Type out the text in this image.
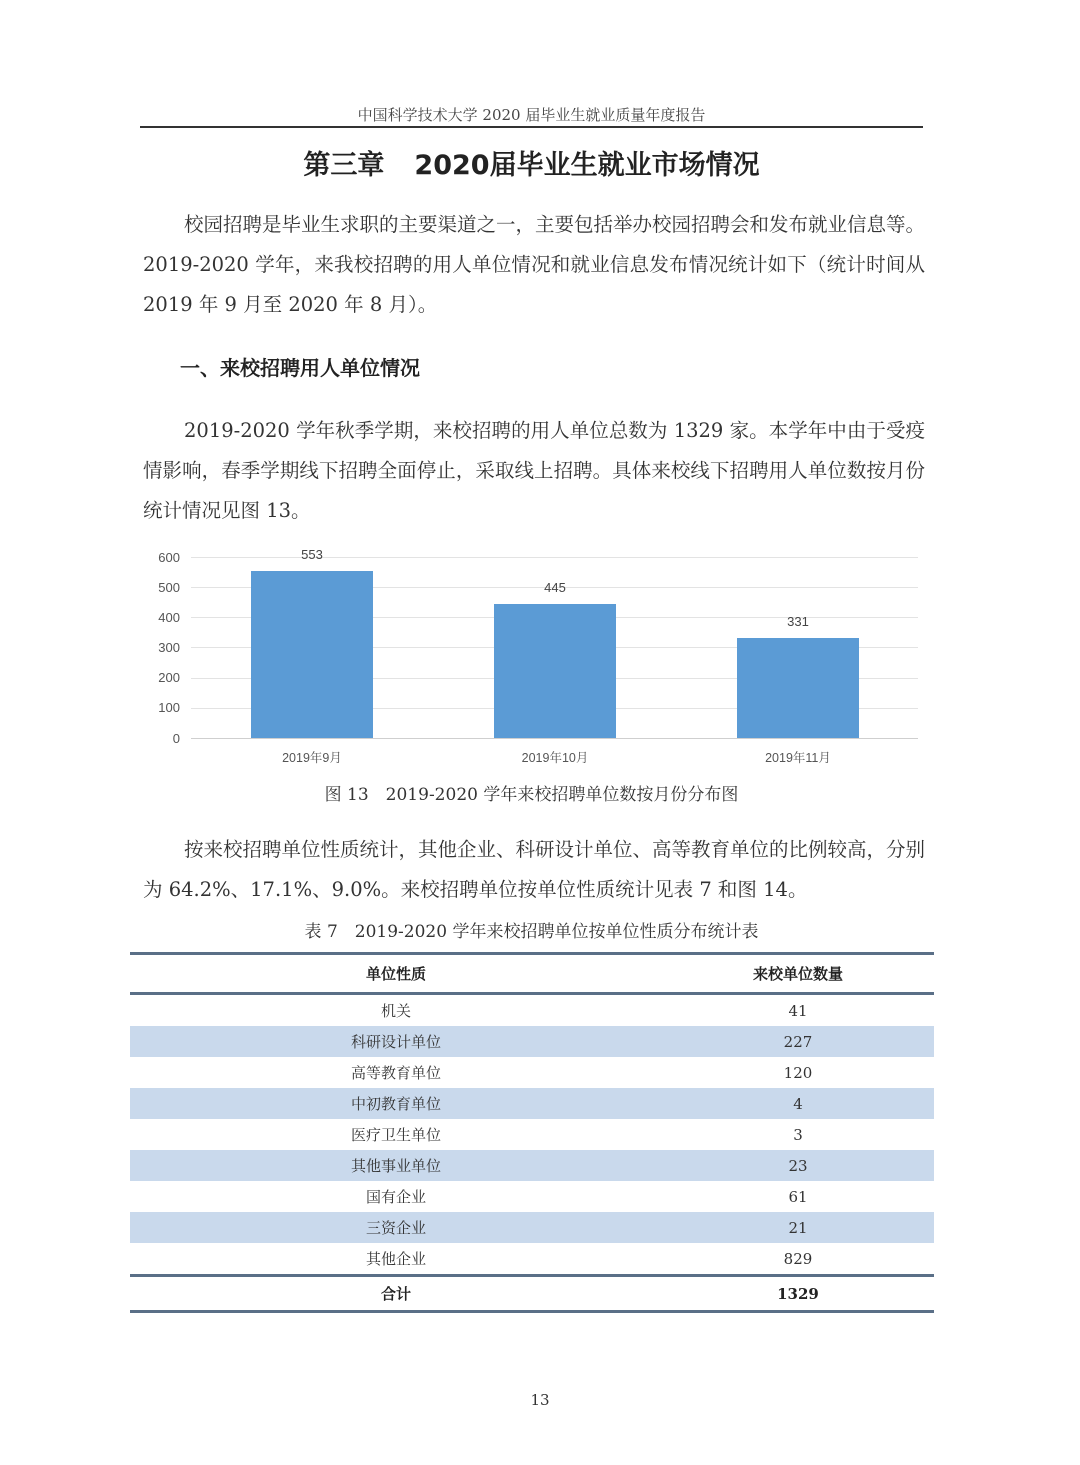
中国科学技术大学 2020 届毕业生就业质量年度报告
第三章 2020届毕业生就业市场情况

校园招聘是毕业生求职的主要渠道之一，主要包括举办校园招聘会和发布就业信息等。2019-2020 学年，来我校招聘的用人单位情况和就业信息发布情况统计如下（统计时间从 2019 年 9 月至 2020 年 8 月）。

一、来校招聘用人单位情况

2019-2020 学年秋季学期，来校招聘的用人单位总数为 1329 家。本学年中由于受疫情影响，春季学期线下招聘全面停止，采取线上招聘。具体来校线下招聘用人单位数按月份统计情况见图 13。

600
500
400
300
200
100
0
553
445
331
2019年9月	2019年10月	2019年11月
图 13　2019-2020 学年来校招聘单位数按月份分布图

按来校招聘单位性质统计，其他企业、科研设计单位、高等教育单位的比例较高，分别为 64.2%、17.1%、9.0%。来校招聘单位按单位性质统计见表 7 和图 14。

表 7　2019-2020 学年来校招聘单位按单位性质分布统计表
单位性质	来校单位数量
机关	41
科研设计单位	227
高等教育单位	120
中初教育单位	4
医疗卫生单位	3
其他事业单位	23
国有企业	61
三资企业	21
其他企业	829
合计	1329
13
